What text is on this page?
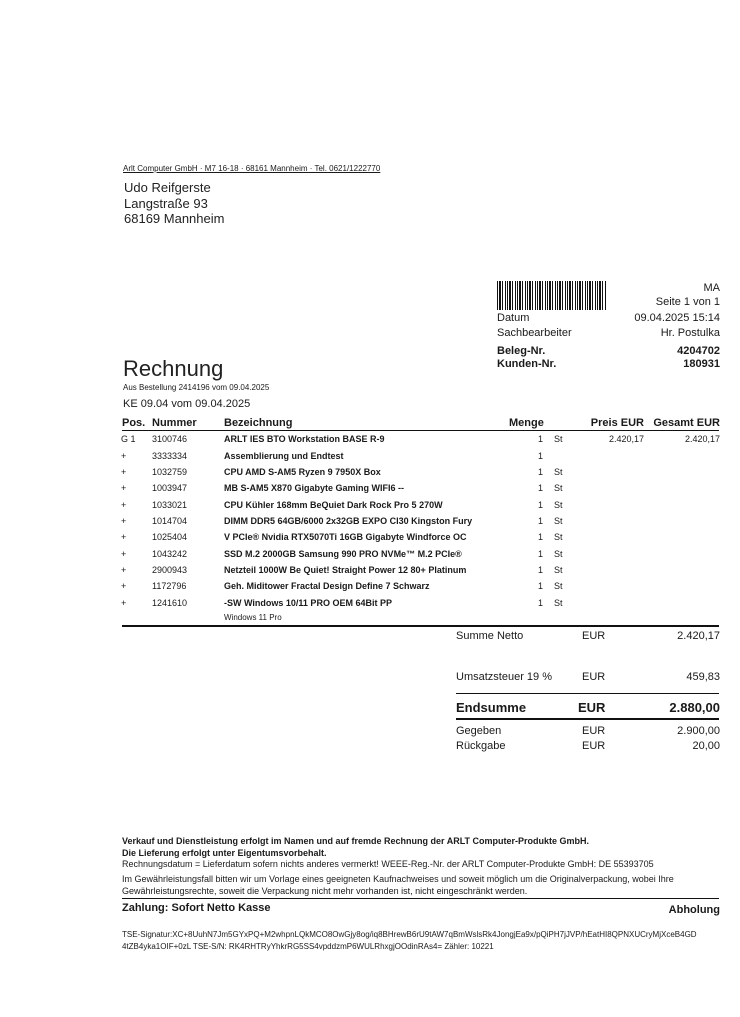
Arlt Computer GmbH · M7 16-18 · 68161 Mannheim · Tel. 0621/1222770
Udo Reifgerste
Langstraße 93
68169 Mannheim
MA
Seite 1 von 1
Datum	09.04.2025 15:14
Sachbearbeiter	Hr. Postulka
Beleg-Nr.	4204702
Kunden-Nr.	180931
Rechnung
Aus Bestellung 2414196 vom 09.04.2025
KE 09.04 vom 09.04.2025
Pos. Nummer Bezeichnung	Menge	Preis EUR Gesamt EUR
G 1 3100746	ARLT IES BTO Workstation BASE R-9	1 St	2.420,17	2.420,17
+	3333334	Assemblierung und Endtest	1
+	1032759	CPU AMD S-AM5 Ryzen 9 7950X Box	1 St
+	1003947	MB S-AM5 X870 Gigabyte Gaming WIFI6 --	1 St
+	1033021	CPU Kühler 168mm BeQuiet Dark Rock Pro 5 270W	1 St
+	1014704	DIMM DDR5 64GB/6000 2x32GB EXPO Cl30 Kingston Fury	1 St
+	1025404	V PCIe® Nvidia RTX5070Ti 16GB Gigabyte Windforce OC	1 St
+	1043242	SSD M.2 2000GB Samsung 990 PRO NVMe™ M.2 PCIe®	1 St
+	2900943	Netzteil 1000W Be Quiet! Straight Power 12 80+ Platinum	1 St
+	1172796	Geh. Miditower Fractal Design Define 7 Schwarz	1 St
+	1241610	-SW Windows 10/11 PRO OEM 64Bit PP	1 St
Windows 11 Pro
Summe Netto	EUR	2.420,17
Umsatzsteuer 19 %	EUR	459,83
Endsumme	EUR	2.880,00
Gegeben	EUR	2.900,00
Rückgabe	EUR	20,00
Verkauf und Dienstleistung erfolgt im Namen und auf fremde Rechnung der ARLT Computer-Produkte GmbH.
Die Lieferung erfolgt unter Eigentumsvorbehalt.
Rechnungsdatum = Lieferdatum sofern nichts anderes vermerkt! WEEE-Reg.-Nr. der ARLT Computer-Produkte GmbH: DE 55393705
Im Gewährleistungsfall bitten wir um Vorlage eines geeigneten Kaufnachweises und soweit möglich um die Originalverpackung, wobei Ihre
Gewährleistungsrechte, soweit die Verpackung nicht mehr vorhanden ist, nicht eingeschränkt werden.
Zahlung: Sofort Netto Kasse	Abholung
TSE-Signatur:XC+8UuhN7Jm5GYxPQ+M2whpnLQkMCO8OwGjy8og/iq8BHrewB6rU9tAW7qBmWslsRk4JongjEa9x/pQiPH7jJVP/hEatHI8QPNXUCryMjXceB4GD
4tZB4yka1OIF+0zL TSE-S/N: RK4RHTRyYhkrRG5SS4vpddzmP6WULRhxgjOOdinRAs4= Zähler: 10221
